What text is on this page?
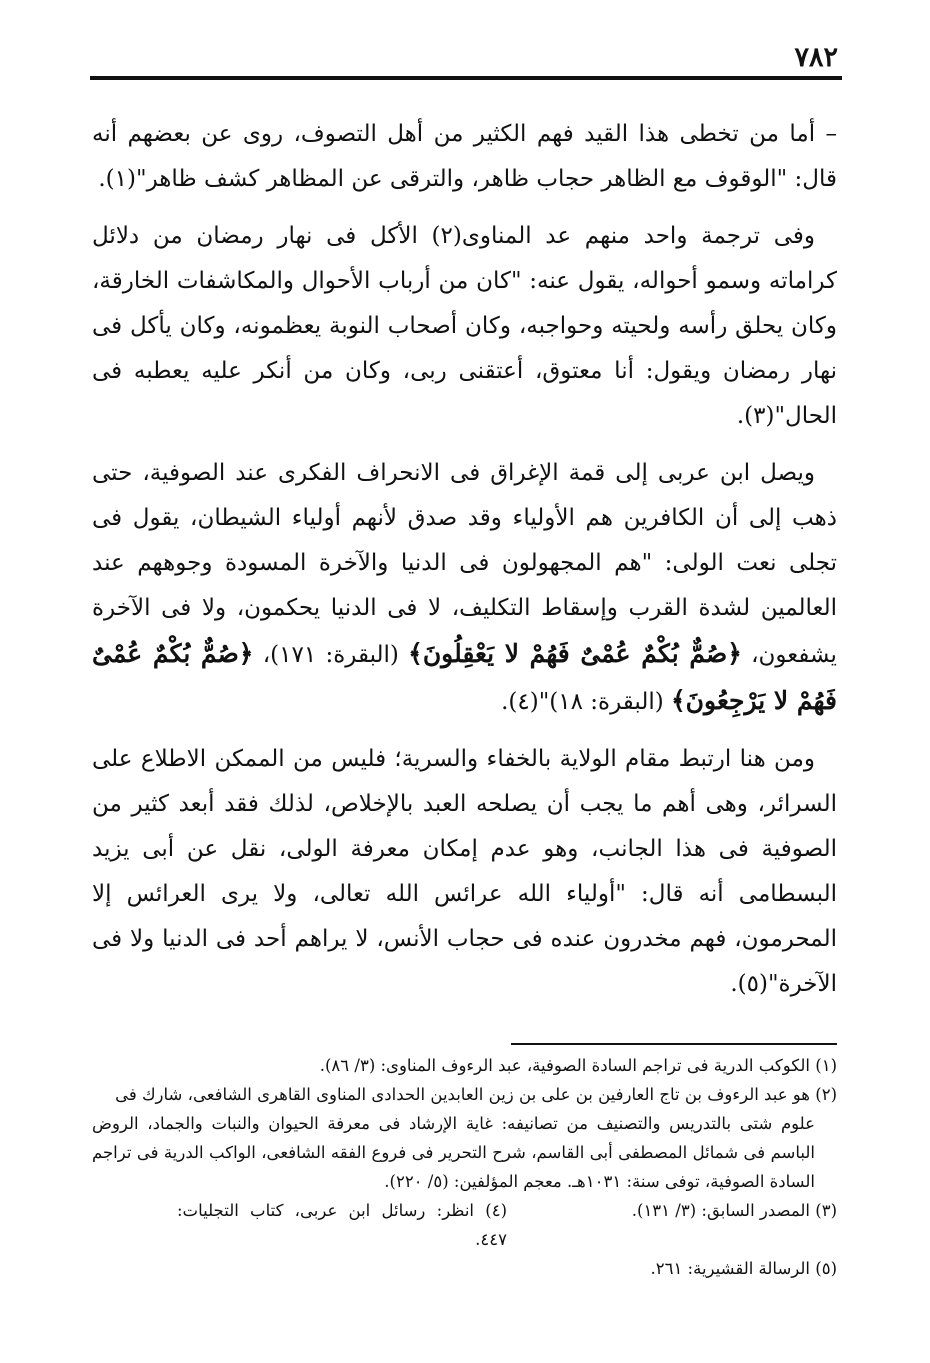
٧٨٢

– أما من تخطى هذا القيد فهم الكثير من أهل التصوف، روى عن بعضهم أنه قال: "الوقوف مع الظاهر حجاب ظاهر، والترقى عن المظاهر كشف ظاهر"(١).

وفى ترجمة واحد منهم عد المناوى(٢) الأكل فى نهار رمضان من دلائل كراماته وسمو أحواله، يقول عنه: "كان من أرباب الأحوال والمكاشفات الخارقة، وكان يحلق رأسه ولحيته وحواجبه، وكان أصحاب النوبة يعظمونه، وكان يأكل فى نهار رمضان ويقول: أنا معتوق، أعتقنى ربى، وكان من أنكر عليه يعطبه فى الحال"(٣).

ويصل ابن عربى إلى قمة الإغراق فى الانحراف الفكرى عند الصوفية، حتى ذهب إلى أن الكافرين هم الأولياء وقد صدق لأنهم أولياء الشيطان، يقول فى تجلى نعت الولى: "هم المجهولون فى الدنيا والآخرة المسودة وجوههم عند العالمين لشدة القرب وإسقاط التكليف، لا فى الدنيا يحكمون، ولا فى الآخرة يشفعون، ﴿صُمٌّ بُكْمٌ عُمْىٌ فَهُمْ لا يَعْقِلُونَ﴾ (البقرة: ١٧١)، ﴿صُمٌّ بُكْمٌ عُمْىٌ فَهُمْ لا يَرْجِعُونَ﴾ (البقرة: ١٨)"(٤).

ومن هنا ارتبط مقام الولاية بالخفاء والسرية؛ فليس من الممكن الاطلاع على السرائر، وهى أهم ما يجب أن يصلحه العبد بالإخلاص، لذلك فقد أبعد كثير من الصوفية فى هذا الجانب، وهو عدم إمكان معرفة الولى، نقل عن أبى يزيد البسطامى أنه قال: "أولياء الله عرائس الله تعالى، ولا يرى العرائس إلا المحرمون، فهم مخدرون عنده فى حجاب الأنس، لا يراهم أحد فى الدنيا ولا فى الآخرة"(٥).

(١) الكوكب الدرية فى تراجم السادة الصوفية، عبد الرءوف المناوى: (٣/ ٨٦).

(٢) هو عبد الرءوف بن تاج العارفين بن على بن زين العابدين الحدادى المناوى القاهرى الشافعى، شارك فى

علوم شتى بالتدريس والتصنيف من تصانيفه: غاية الإرشاد فى معرفة الحيوان والنبات والجماد، الروض الباسم فى شمائل المصطفى أبى القاسم، شرح التحرير فى فروع الفقه الشافعى، الواكب الدرية فى تراجم السادة الصوفية، توفى سنة: ١٠٣١هـ. معجم المؤلفين: (٥/ ٢٢٠).

(٣) المصدر السابق: (٣/ ١٣١).

(٤) انظر: رسائل ابن عربى، كتاب التجليات: ٤٤٧.

(٥) الرسالة القشيرية: ٢٦١.
